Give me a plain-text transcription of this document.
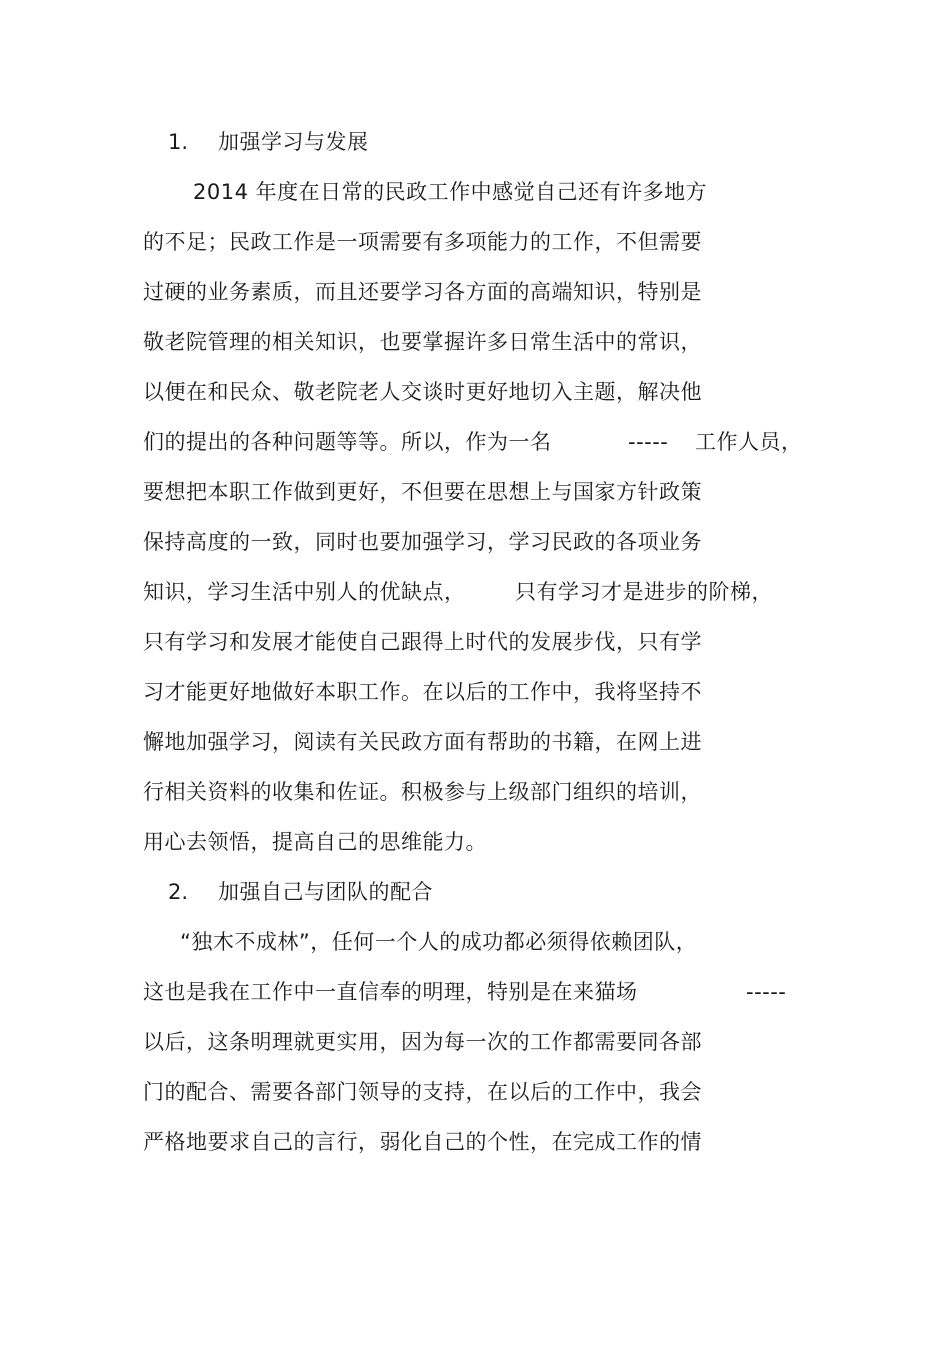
1. 加强学习与发展
2014 年度在日常的民政工作中感觉自己还有许多地方
的不足；民政工作是一项需要有多项能力的工作，不但需要
过硬的业务素质，而且还要学习各方面的高端知识，特别是
敬老院管理的相关知识，也要掌握许多日常生活中的常识，
以便在和民众、敬老院老人交谈时更好地切入主题，解决他
们的提出的各种问题等等。所以，作为一名	----- 工作人员，
要想把本职工作做到更好，不但要在思想上与国家方针政策
保持高度的一致，同时也要加强学习，学习民政的各项业务
知识，学习生活中别人的优缺点， 只有学习才是进步的阶梯，
只有学习和发展才能使自己跟得上时代的发展步伐，只有学
习才能更好地做好本职工作。在以后的工作中，我将坚持不
懈地加强学习，阅读有关民政方面有帮助的书籍，在网上进
行相关资料的收集和佐证。积极参与上级部门组织的培训，
用心去领悟，提高自己的思维能力。
2. 加强自己与团队的配合
“独木不成林”，任何一个人的成功都必须得依赖团队，
这也是我在工作中一直信奉的明理，特别是在来猫场	-----
以后，这条明理就更实用，因为每一次的工作都需要同各部
门的配合、需要各部门领导的支持，在以后的工作中，我会
严格地要求自己的言行，弱化自己的个性，在完成工作的情
